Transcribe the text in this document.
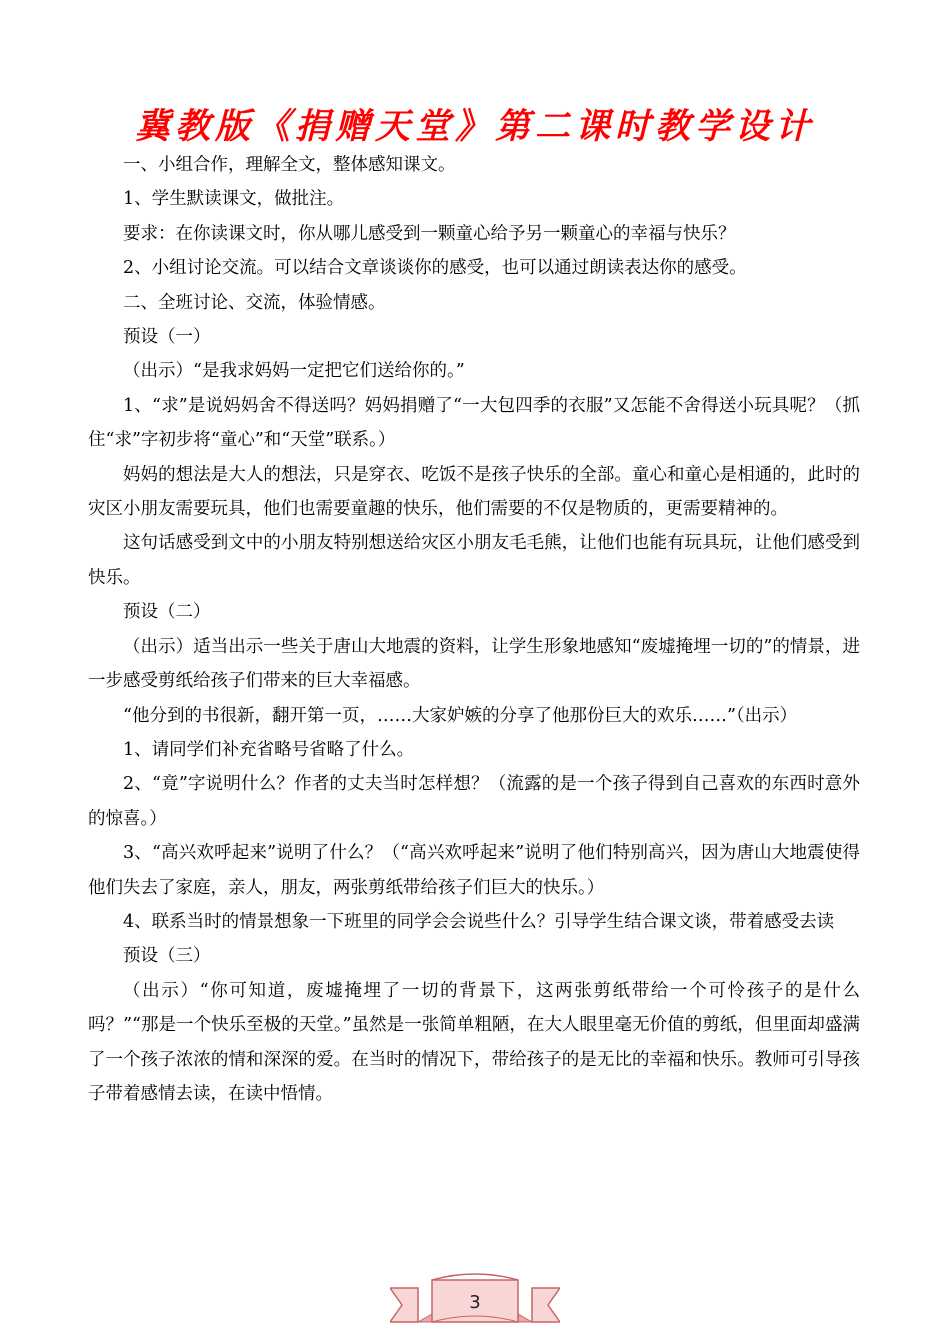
冀教版《捐赠天堂》第二课时教学设计

一、小组合作，理解全文，整体感知课文。

1、学生默读课文，做批注。

要求：在你读课文时，你从哪儿感受到一颗童心给予另一颗童心的幸福与快乐？

2、小组讨论交流。可以结合文章谈谈你的感受，也可以通过朗读表达你的感受。

二、全班讨论、交流，体验情感。

预设（一）

（出示）“是我求妈妈一定把它们送给你的。”

1、“求”是说妈妈舍不得送吗？妈妈捐赠了“一大包四季的衣服”又怎能不舍得送小玩具呢？（抓住“求”字初步将“童心”和“天堂”联系。）

妈妈的想法是大人的想法，只是穿衣、吃饭不是孩子快乐的全部。童心和童心是相通的，此时的灾区小朋友需要玩具，他们也需要童趣的快乐，他们需要的不仅是物质的，更需要精神的。

这句话感受到文中的小朋友特别想送给灾区小朋友毛毛熊，让他们也能有玩具玩，让他们感受到快乐。

预设（二）

（出示）适当出示一些关于唐山大地震的资料，让学生形象地感知“废墟掩埋一切的”的情景，进一步感受剪纸给孩子们带来的巨大幸福感。

“他分到的书很新，翻开第一页，……大家妒嫉的分享了他那份巨大的欢乐……”（出示）

1、请同学们补充省略号省略了什么。

2、“竟”字说明什么？作者的丈夫当时怎样想？（流露的是一个孩子得到自己喜欢的东西时意外的惊喜。）

3、“高兴欢呼起来”说明了什么？（“高兴欢呼起来”说明了他们特别高兴，因为唐山大地震使得他们失去了家庭，亲人，朋友，两张剪纸带给孩子们巨大的快乐。）

4、联系当时的情景想象一下班里的同学会会说些什么？引导学生结合课文谈，带着感受去读

预设（三）

（出示）“你可知道，废墟掩埋了一切的背景下，这两张剪纸带给一个可怜孩子的是什么吗？”“那是一个快乐至极的天堂。”虽然是一张简单粗陋，在大人眼里毫无价值的剪纸，但里面却盛满了一个孩子浓浓的情和深深的爱。在当时的情况下，带给孩子的是无比的幸福和快乐。教师可引导孩子带着感情去读，在读中悟情。

3
